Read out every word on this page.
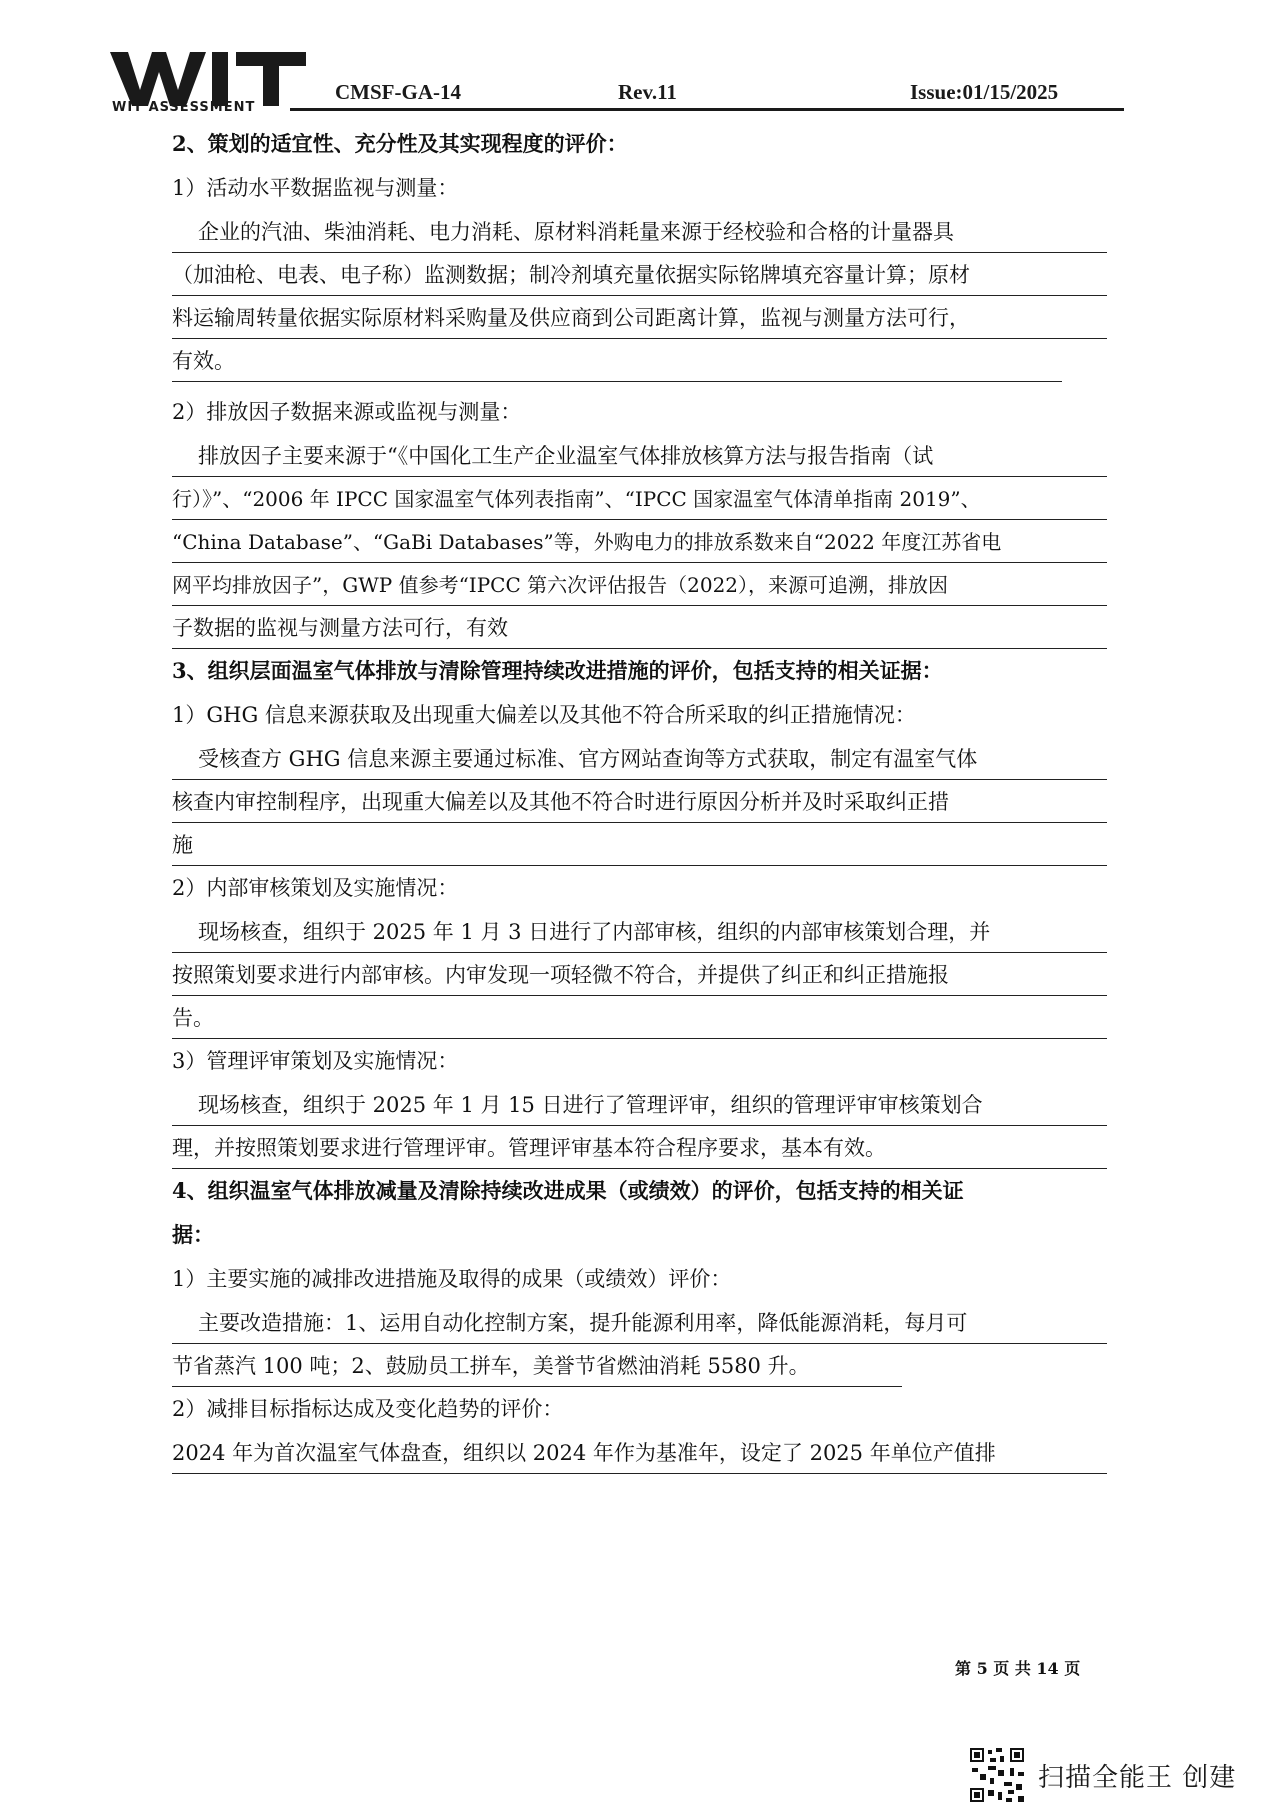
WIT ASSESSMENT
CMSF-GA-14	Rev.11	Issue:01/15/2025
2、策划的适宜性、充分性及其实现程度的评价：
1）活动水平数据监视与测量：
企业的汽油、柴油消耗、电力消耗、原材料消耗量来源于经校验和合格的计量器具
（加油枪、电表、电子称）监测数据；制冷剂填充量依据实际铭牌填充容量计算；原材
料运输周转量依据实际原材料采购量及供应商到公司距离计算，监视与测量方法可行，
有效。
2）排放因子数据来源或监视与测量：
排放因子主要来源于“《中国化工生产企业温室气体排放核算方法与报告指南（试
行）》”、“2006 年 IPCC 国家温室气体列表指南”、“IPCC 国家温室气体清单指南 2019”、
“China Database”、“GaBi Databases”等，外购电力的排放系数来自“2022 年度江苏省电
网平均排放因子”，GWP 值参考“IPCC 第六次评估报告（2022），来源可追溯，排放因
子数据的监视与测量方法可行，有效
3、组织层面温室气体排放与清除管理持续改进措施的评价，包括支持的相关证据：
1）GHG 信息来源获取及出现重大偏差以及其他不符合所采取的纠正措施情况：
受核查方 GHG 信息来源主要通过标准、官方网站查询等方式获取，制定有温室气体
核查内审控制程序，出现重大偏差以及其他不符合时进行原因分析并及时采取纠正措
施
2）内部审核策划及实施情况：
现场核查，组织于 2025 年 1 月 3 日进行了内部审核，组织的内部审核策划合理，并
按照策划要求进行内部审核。内审发现一项轻微不符合，并提供了纠正和纠正措施报
告。
3）管理评审策划及实施情况：
现场核查，组织于 2025 年 1 月 15 日进行了管理评审，组织的管理评审审核策划合
理，并按照策划要求进行管理评审。管理评审基本符合程序要求，基本有效。
4、组织温室气体排放减量及清除持续改进成果（或绩效）的评价，包括支持的相关证
据：
1）主要实施的减排改进措施及取得的成果（或绩效）评价：
主要改造措施：1、运用自动化控制方案，提升能源利用率，降低能源消耗，每月可
节省蒸汽 100 吨；2、鼓励员工拼车，美誉节省燃油消耗 5580 升。
2）减排目标指标达成及变化趋势的评价：
2024 年为首次温室气体盘查，组织以 2024 年作为基准年，设定了 2025 年单位产值排
第 5 页 共 14 页
扫描全能王 创建
